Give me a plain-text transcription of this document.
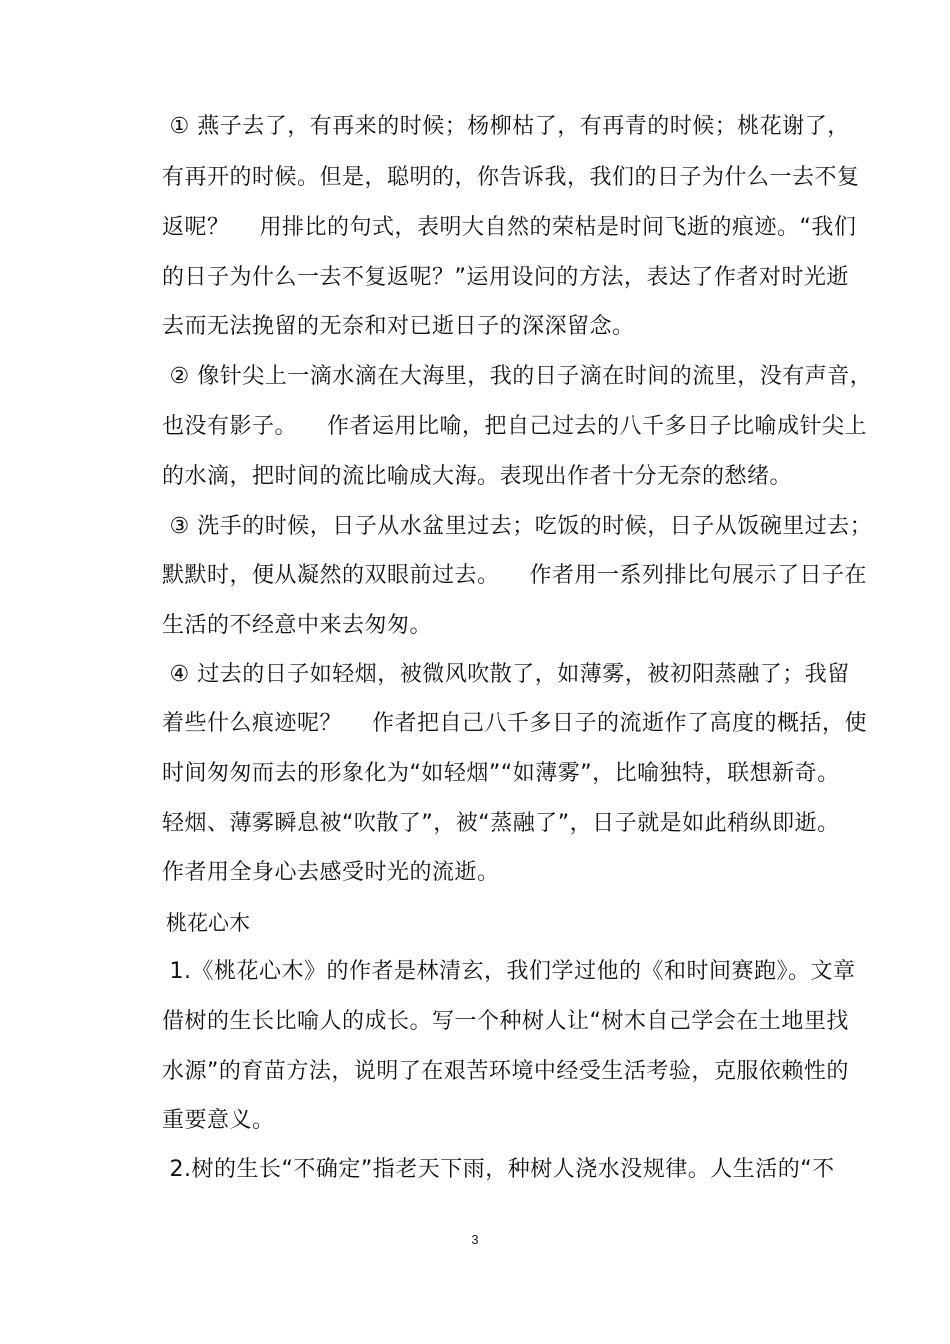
① 燕子去了，有再来的时候；杨柳枯了，有再青的时候；桃花谢了，
有再开的时候。但是，聪明的，你告诉我，我们的日子为什么一去不复
返呢？    用排比的句式，表明大自然的荣枯是时间飞逝的痕迹。“我们
的日子为什么一去不复返呢？”运用设问的方法，表达了作者对时光逝
去而无法挽留的无奈和对已逝日子的深深留念。
② 像针尖上一滴水滴在大海里，我的日子滴在时间的流里，没有声音，
也没有影子。    作者运用比喻，把自己过去的八千多日子比喻成针尖上
的水滴，把时间的流比喻成大海。表现出作者十分无奈的愁绪。
③ 洗手的时候，日子从水盆里过去；吃饭的时候，日子从饭碗里过去；
默默时，便从凝然的双眼前过去。    作者用一系列排比句展示了日子在
生活的不经意中来去匆匆。
④ 过去的日子如轻烟，被微风吹散了，如薄雾，被初阳蒸融了；我留
着些什么痕迹呢？    作者把自己八千多日子的流逝作了高度的概括，使
时间匆匆而去的形象化为“如轻烟”“如薄雾”，比喻独特，联想新奇。
轻烟、薄雾瞬息被“吹散了”，被“蒸融了”，日子就是如此稍纵即逝。
作者用全身心去感受时光的流逝。
桃花心木
1.《桃花心木》的作者是林清玄，我们学过他的《和时间赛跑》。文章
借树的生长比喻人的成长。写一个种树人让“树木自己学会在土地里找
水源”的育苗方法，说明了在艰苦环境中经受生活考验，克服依赖性的
重要意义。
2.树的生长“不确定”指老天下雨，种树人浇水没规律。人生活的“不
3
